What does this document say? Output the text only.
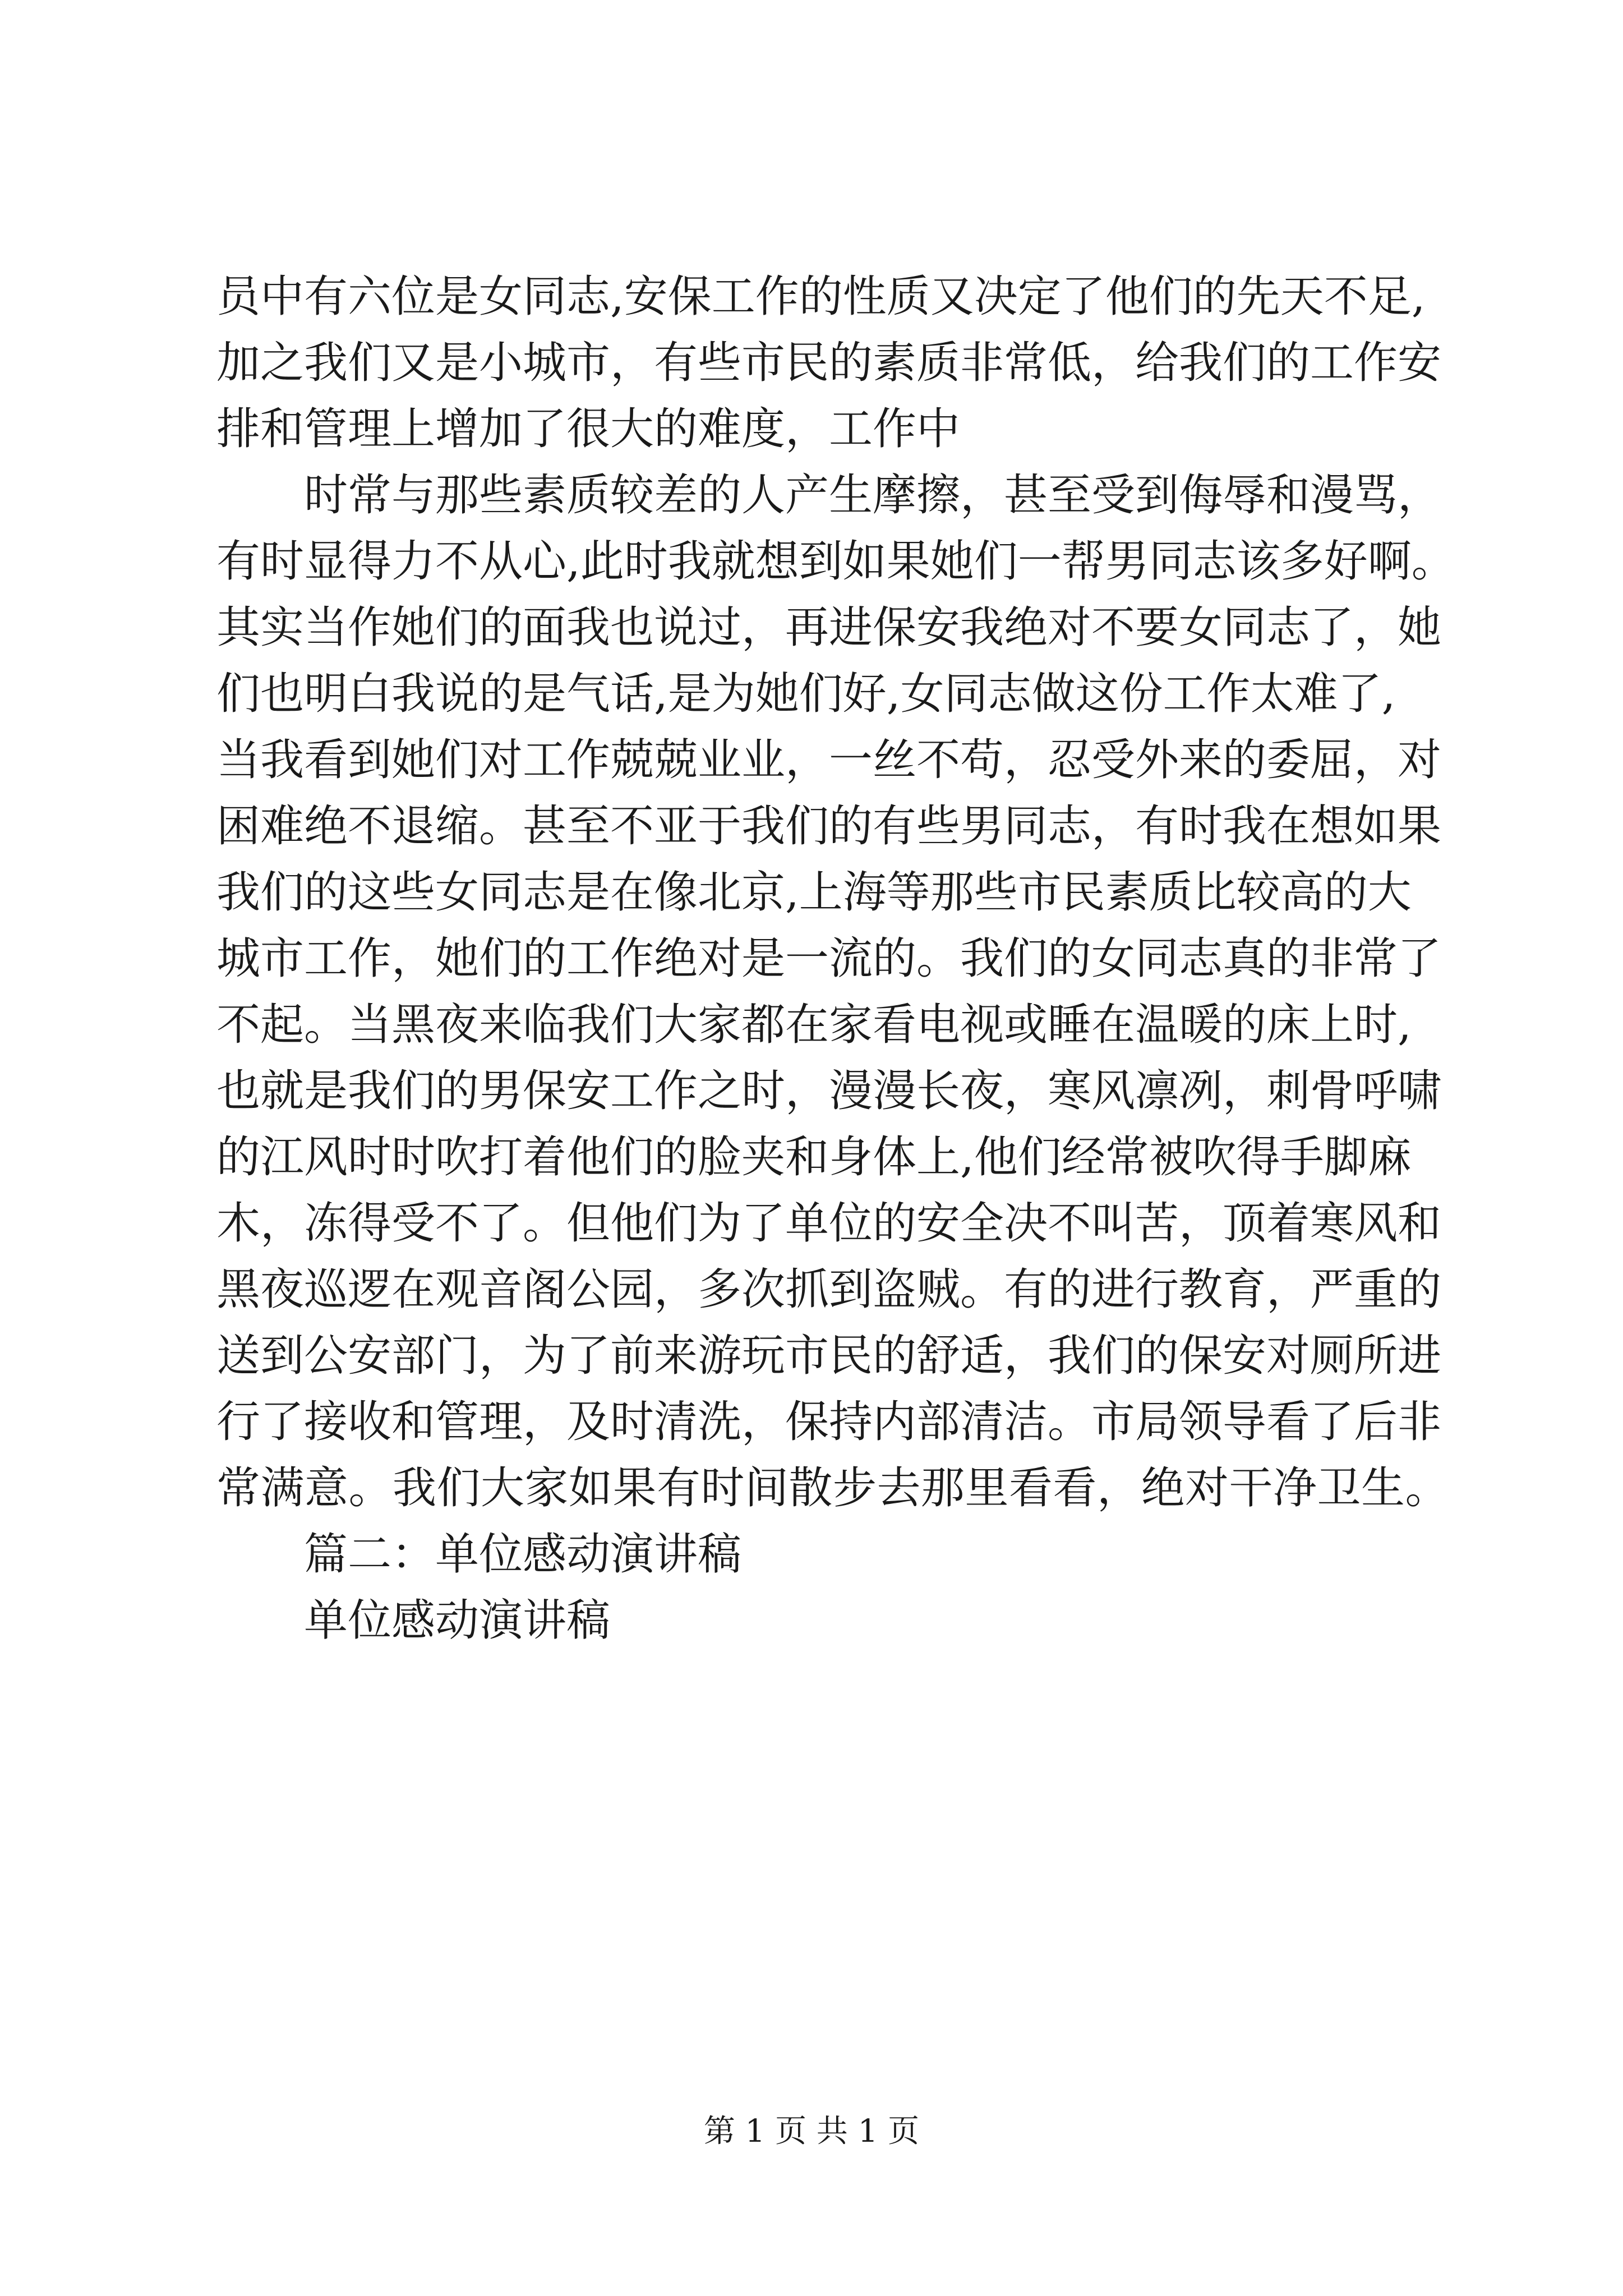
员中有六位是女同志,安保工作的性质又决定了他们的先天不足,
加之我们又是小城市，有些市民的素质非常低，给我们的工作安
排和管理上增加了很大的难度，工作中
时常与那些素质较差的人产生摩擦，甚至受到侮辱和漫骂，
有时显得力不从心,此时我就想到如果她们一帮男同志该多好啊。
其实当作她们的面我也说过，再进保安我绝对不要女同志了，她
们也明白我说的是气话,是为她们好,女同志做这份工作太难了,
当我看到她们对工作兢兢业业，一丝不苟，忍受外来的委屈，对
困难绝不退缩。甚至不亚于我们的有些男同志，有时我在想如果
我们的这些女同志是在像北京,上海等那些市民素质比较高的大
城市工作，她们的工作绝对是一流的。我们的女同志真的非常了
不起。当黑夜来临我们大家都在家看电视或睡在温暖的床上时,
也就是我们的男保安工作之时，漫漫长夜，寒风凛冽，刺骨呼啸
的江风时时吹打着他们的脸夹和身体上,他们经常被吹得手脚麻
木，冻得受不了。但他们为了单位的安全决不叫苦，顶着寒风和
黑夜巡逻在观音阁公园，多次抓到盗贼。有的进行教育，严重的
送到公安部门，为了前来游玩市民的舒适，我们的保安对厕所进
行了接收和管理，及时清洗，保持内部清洁。市局领导看了后非
常满意。我们大家如果有时间散步去那里看看，绝对干净卫生。
篇二：单位感动演讲稿
单位感动演讲稿
第 1 页 共 1 页
